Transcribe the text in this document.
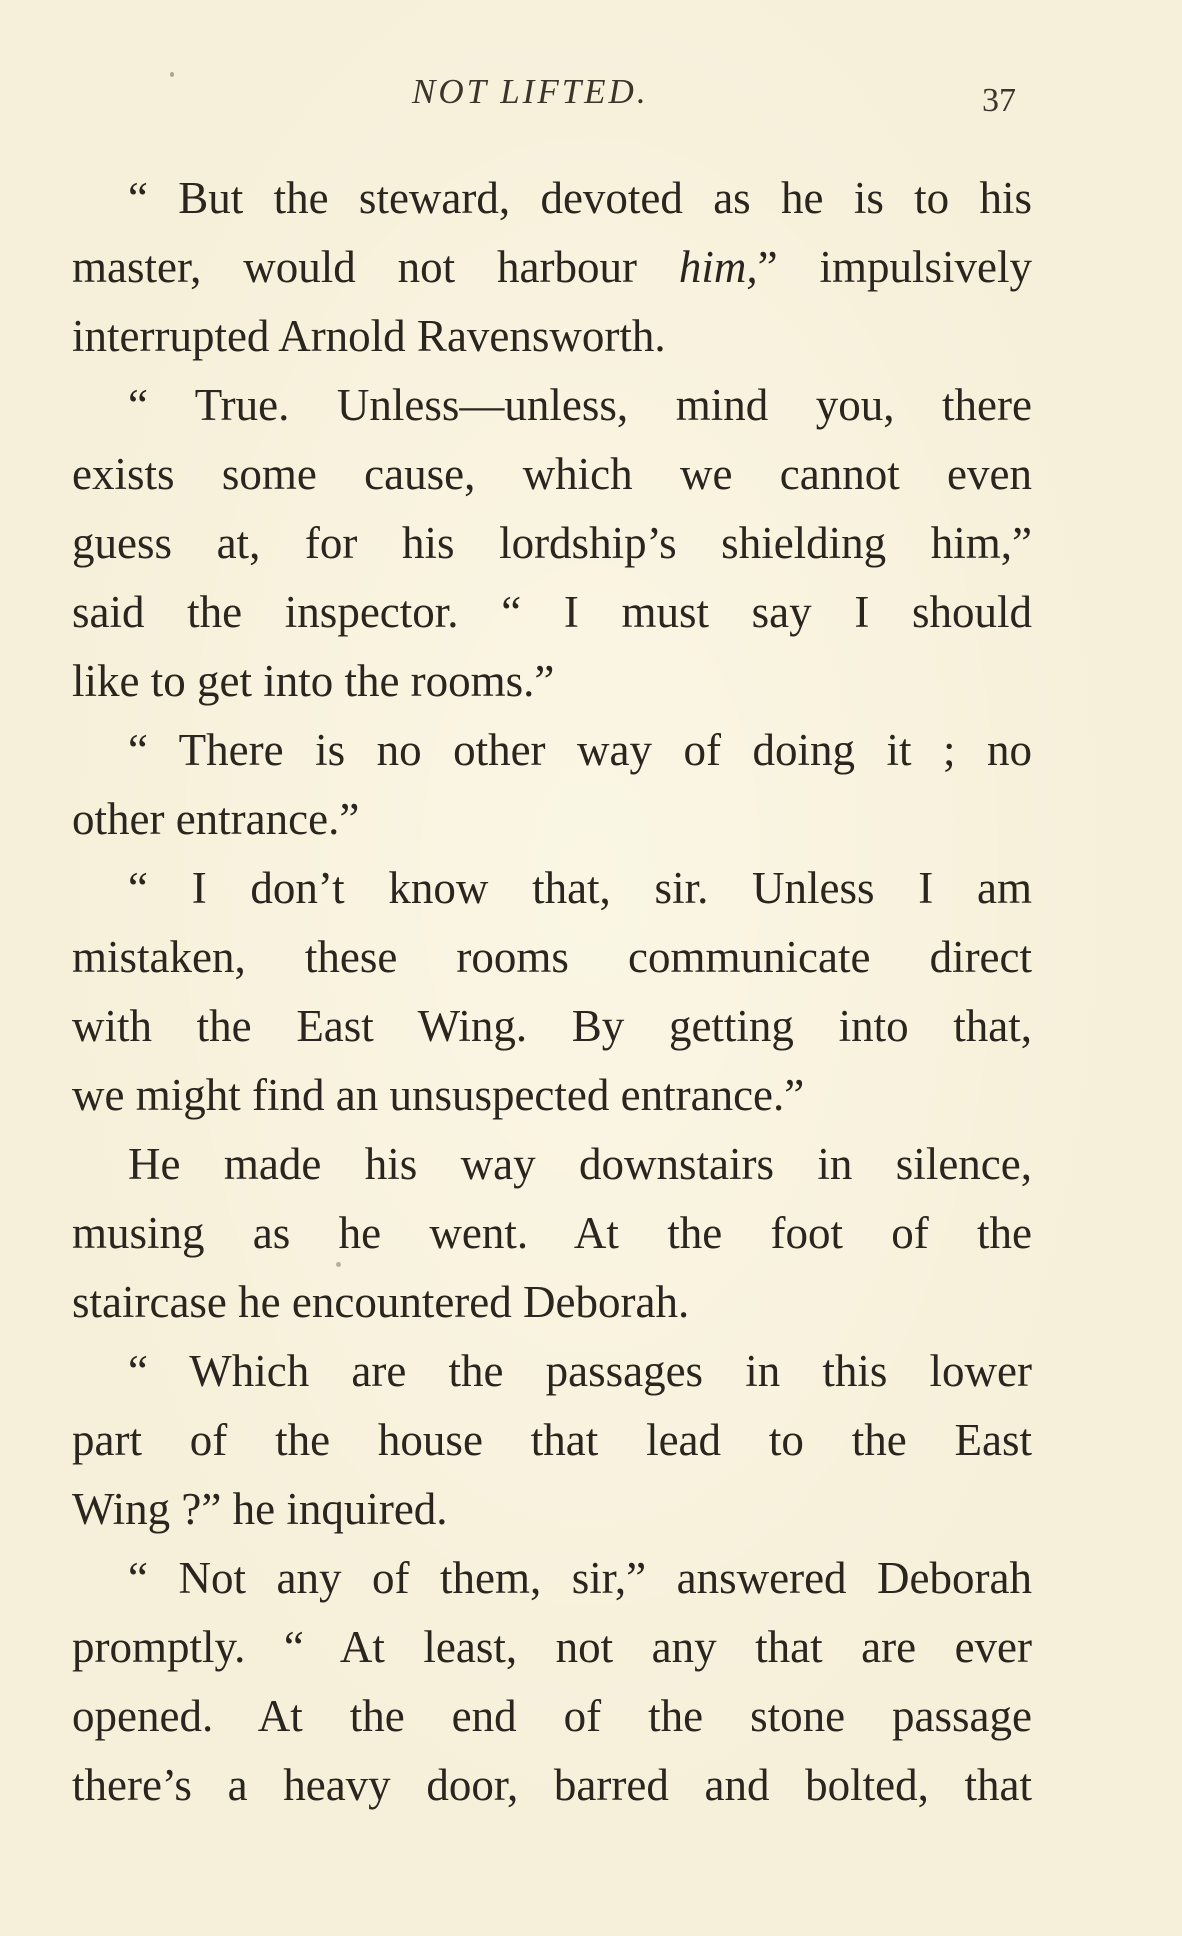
NOT LIFTED.	37
“ But the steward, devoted as he is to his
master, would not harbour him,” impulsively
interrupted Arnold Ravensworth.
“ True. Unless—unless, mind you, there
exists some cause, which we cannot even
guess at, for his lordship’s shielding him,”
said the inspector. “ I must say I should
like to get into the rooms.”
“ There is no other way of doing it ; no
other entrance.”
“ I don’t know that, sir. Unless I am
mistaken, these rooms communicate direct
with the East Wing. By getting into that,
we might find an unsuspected entrance.”
He made his way downstairs in silence,
musing as he went. At the foot of the
staircase he encountered Deborah.
“ Which are the passages in this lower
part of the house that lead to the East
Wing ?” he inquired.
“ Not any of them, sir,” answered Deborah
promptly. “ At least, not any that are ever
opened. At the end of the stone passage
there’s a heavy door, barred and bolted, that
